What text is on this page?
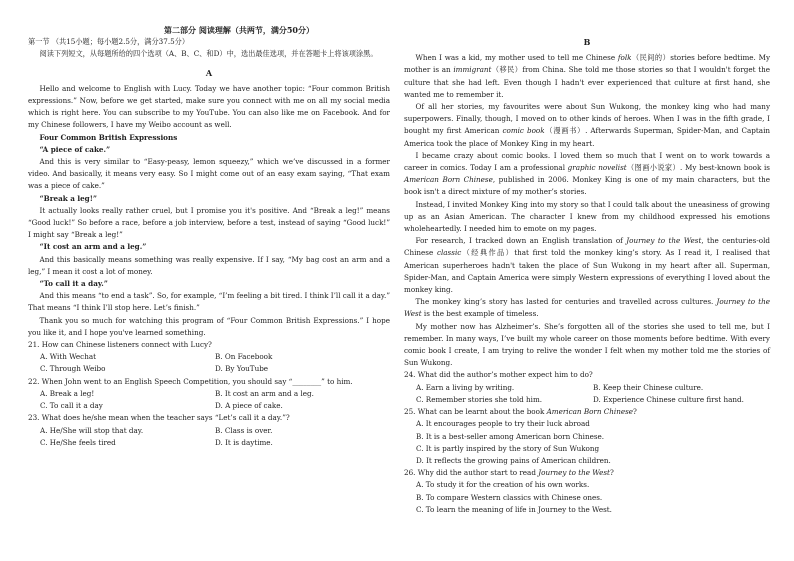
第二部分 阅读理解（共两节，满分50分）

第一节 （共15小题；每小题2.5分，满分37.5分）

阅读下列短文，从每题所给的四个选项（A、B、C、和D）中，选出最佳选项，并在答题卡上将该项涂黑。

A

Hello and welcome to English with Lucy. Today we have another topic: “Four common British expressions.” Now, before we get started, make sure you connect with me on all my social media which is right here. You can subscribe to my YouTube. You can also like me on Facebook. And for my Chinese followers, I have my Weibo account as well.

Four Common British Expressions

“A piece of cake.”

And this is very similar to “Easy-peasy, lemon squeezy,” which we’ve discussed in a former video. And basically, it means very easy. So I might come out of an easy exam saying, “That exam was a piece of cake.”

“Break a leg!”

It actually looks really rather cruel, but I promise you it's positive. And “Break a leg!” means “Good luck!” So before a race, before a job interview, before a test, instead of saying “Good luck!” I might say “Break a leg!”

“It cost an arm and a leg.”

And this basically means something was really expensive. If I say, “My bag cost an arm and a leg,” I mean it cost a lot of money.

“To call it a day.”

And this means “to end a task”. So, for example, “I’m feeling a bit tired. I think I’ll call it a day.” That means “I think I’ll stop here. Let’s finish.”

Thank you so much for watching this program of “Four Common British Expressions.” I hope you like it, and I hope you've learned something.

21. How can Chinese listeners connect with Lucy?

A. With Wechat	B. On Facebook
C. Through Weibo	D. By YouTube

22. When John went to an English Speech Competition, you should say “________” to him.

A. Break a leg!	B. It cost an arm and a leg.
C. To call it a day	D. A piece of cake.

23. What does he/she mean when the teacher says “Let’s call it a day.”?

A. He/She will stop that day.	B. Class is over.
C. He/She feels tired	D. It is daytime.

B

When I was a kid, my mother used to tell me Chinese folk（民间的）stories before bedtime. My mother is an immigrant（移民）from China. She told me those stories so that I wouldn't forget the culture that she had left. Even though I hadn't ever experienced that culture at first hand, she wanted me to remember it.

Of all her stories, my favourites were about Sun Wukong, the monkey king who had many superpowers. Finally, though, I moved on to other kinds of heroes. When I was in the fifth grade, I bought my first American comic book（漫画书）. Afterwards Superman, Spider-Man, and Captain America took the place of Monkey King in my heart.

I became crazy about comic books. I loved them so much that I went on to work towards a career in comics. Today I am a professional graphic novelist（图画小说家）. My best-known book is American Born Chinese, published in 2006. Monkey King is one of my main characters, but the book isn't a direct mixture of my mother’s stories.

Instead, I invited Monkey King into my story so that I could talk about the uneasiness of growing up as an Asian American. The character I knew from my childhood expressed his emotions wholeheartedly. I needed him to emote on my pages.

For research, I tracked down an English translation of Journey to the West, the centuries-old Chinese classic（经典作品）that first told the monkey king’s story. As I read it, I realised that American superheroes hadn't taken the place of Sun Wukong in my heart after all. Superman, Spider-Man, and Captain America were simply Western expressions of everything I loved about the monkey king.

The monkey king’s story has lasted for centuries and travelled across cultures. Journey to the West is the best example of timeless.

My mother now has Alzheimer’s. She’s forgotten all of the stories she used to tell me, but I remember. In many ways, I’ve built my whole career on those moments before bedtime. With every comic book I create, I am trying to relive the wonder I felt when my mother told me the stories of Sun Wukong.

24. What did the author’s mother expect him to do?

A. Earn a living by writing.	B. Keep their Chinese culture.
C. Remember stories she told him.	D. Experience Chinese culture first hand.

25. What can be learnt about the book American Born Chinese?

A. It encourages people to try their luck abroad
B. It is a best-seller among American born Chinese.
C. It is partly inspired by the story of Sun Wukong
D. It reflects the growing pains of American children.

26. Why did the author start to read Journey to the West?

A. To study it for the creation of his own works.
B. To compare Western classics with Chinese ones.
C. To learn the meaning of life in Journey to the West.
